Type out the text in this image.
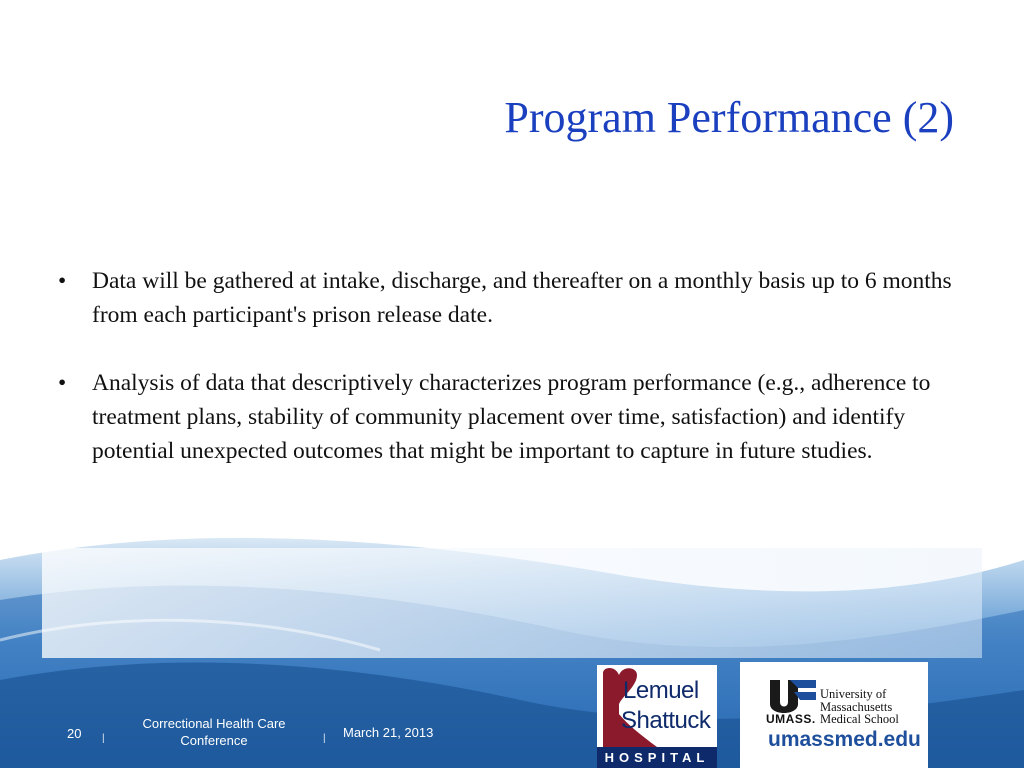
Program Performance (2)
• Data will be gathered at intake, discharge, and thereafter on a monthly basis up to 6 months from each participant's prison release date.
• Analysis of data that descriptively characterizes program performance (e.g., adherence to treatment plans, stability of community placement over time, satisfaction) and identify potential unexpected outcomes that might be important to capture in future studies.
20 |
Correctional Health Care Conference	| March 21, 2013
Lemuel
Shattuck
HOSPITAL
UMASS.
University of
Massachusetts
Medical School
umassmed.edu
